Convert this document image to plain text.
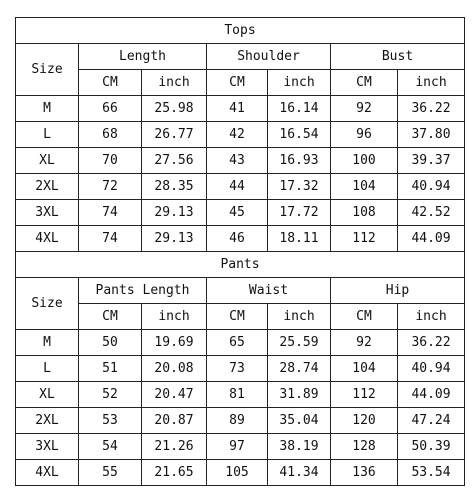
Tops						
Size	Length		Shoulder		Bust	
	CM	inch	CM	inch	CM	inch
M	66	25.98	41	16.14	92	36.22
L	68	26.77	42	16.54	96	37.80
XL	70	27.56	43	16.93	100	39.37
2XL	72	28.35	44	17.32	104	40.94
3XL	74	29.13	45	17.72	108	42.52
4XL	74	29.13	46	18.11	112	44.09
Pants						
Size	Pants Length		Waist		Hip	
	CM	inch	CM	inch	CM	inch
M	50	19.69	65	25.59	92	36.22
L	51	20.08	73	28.74	104	40.94
XL	52	20.47	81	31.89	112	44.09
2XL	53	20.87	89	35.04	120	47.24
3XL	54	21.26	97	38.19	128	50.39
4XL	55	21.65	105	41.34	136	53.54
